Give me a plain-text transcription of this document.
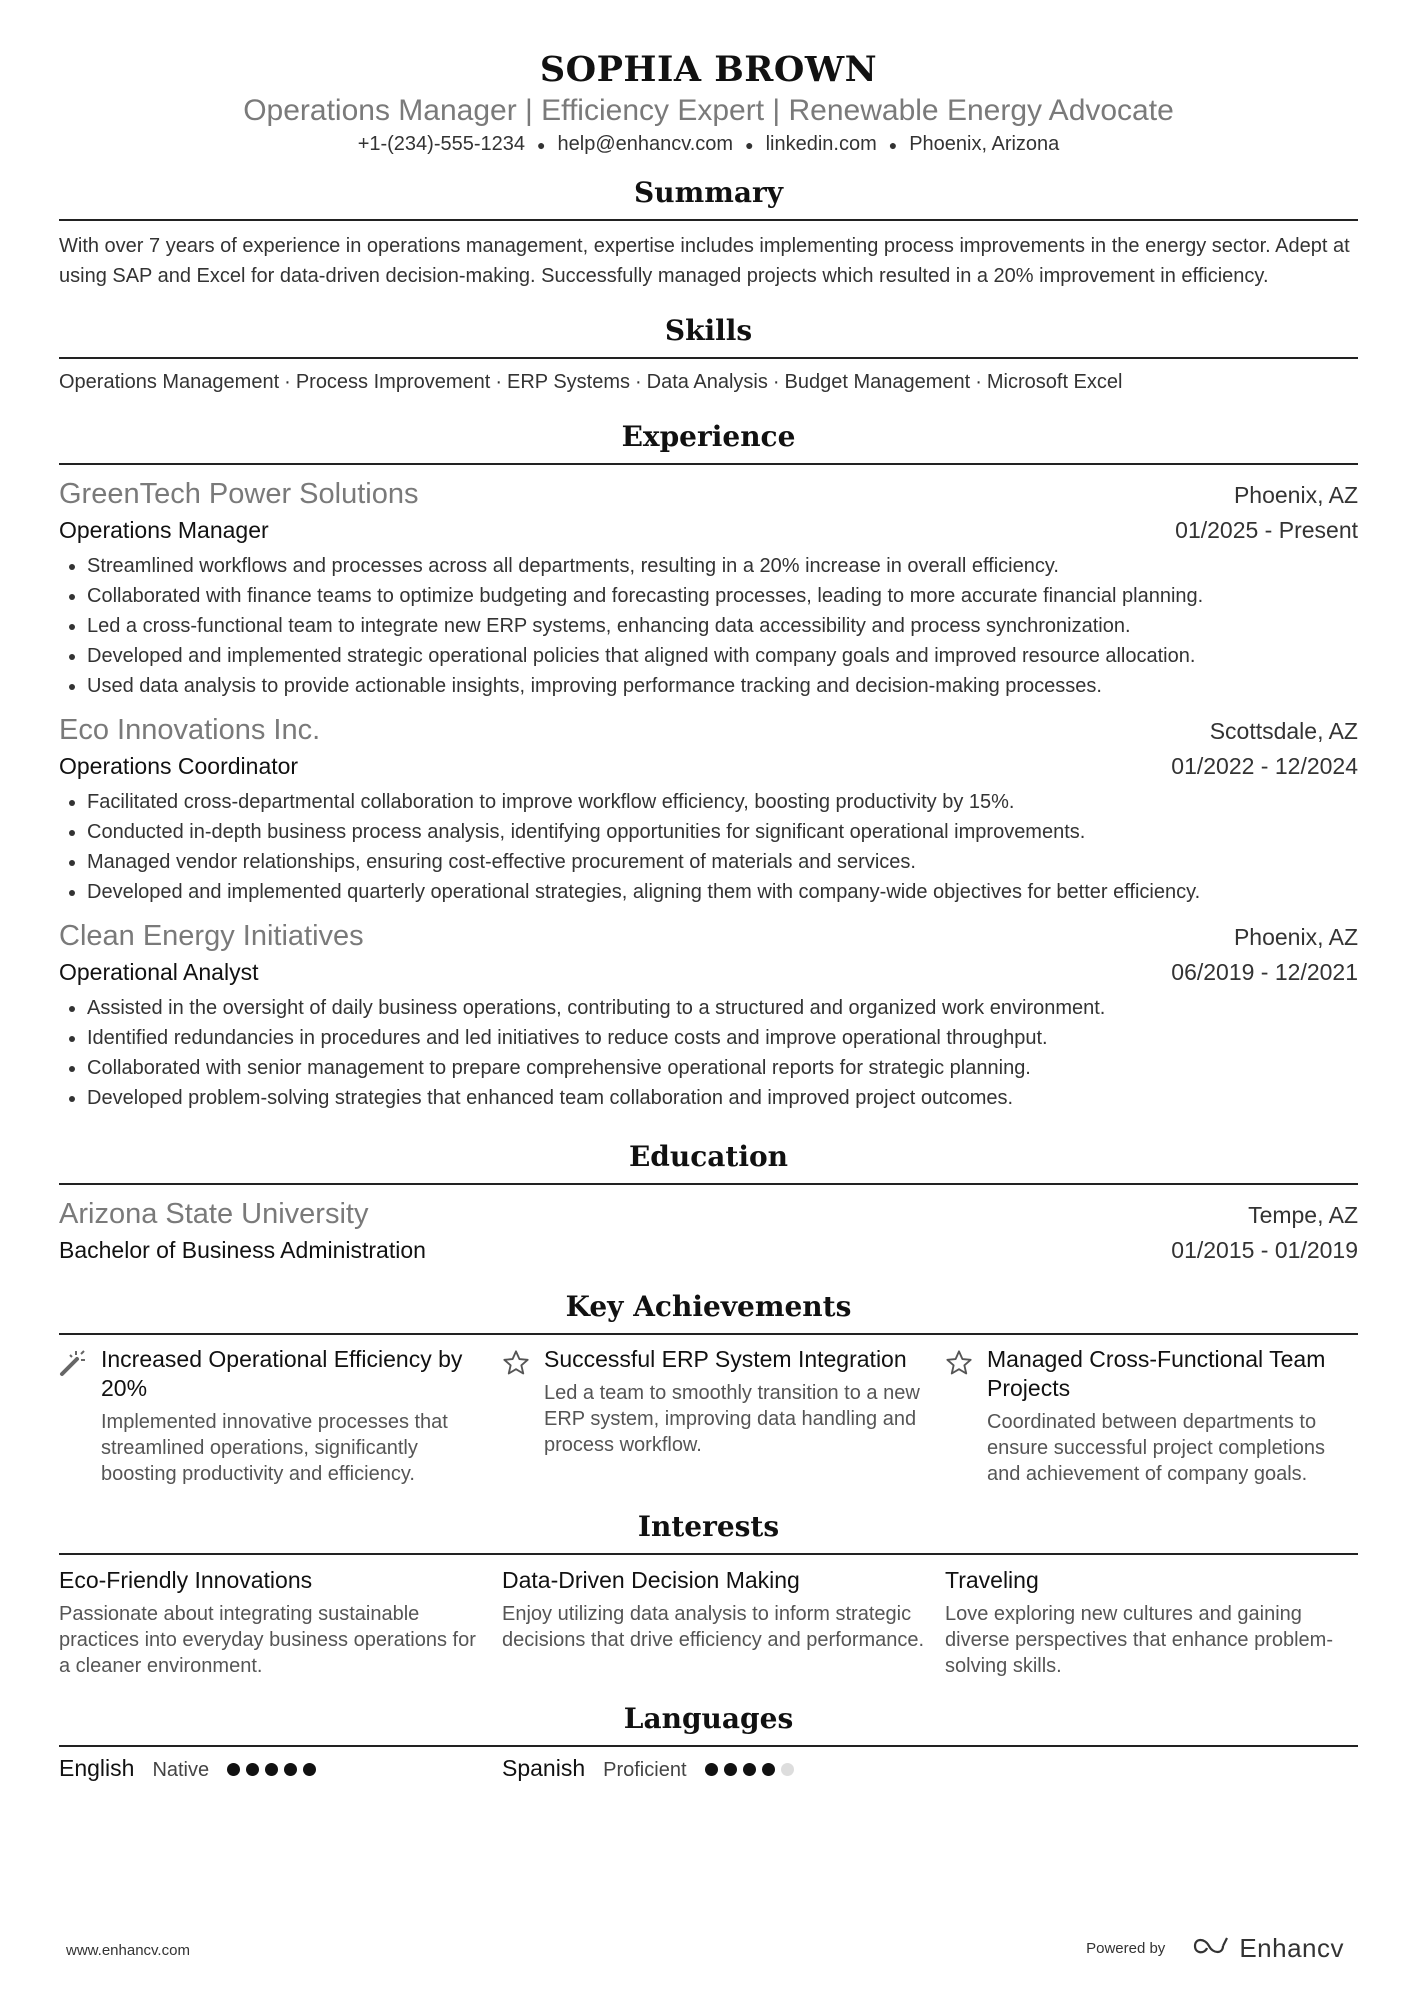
SOPHIA BROWN
Operations Manager | Efficiency Expert | Renewable Energy Advocate
+1-(234)-555-1234 ● help@enhancv.com ● linkedin.com ● Phoenix, Arizona
Summary
With over 7 years of experience in operations management, expertise includes implementing process improvements in the energy sector. Adept at using SAP and Excel for data-driven decision-making. Successfully managed projects which resulted in a 20% improvement in efficiency.
Skills
Operations Management · Process Improvement · ERP Systems · Data Analysis · Budget Management · Microsoft Excel
Experience
GreenTech Power Solutions	Phoenix, AZ
Operations Manager	01/2025 - Present
• Streamlined workflows and processes across all departments, resulting in a 20% increase in overall efficiency.
• Collaborated with finance teams to optimize budgeting and forecasting processes, leading to more accurate financial planning.
• Led a cross-functional team to integrate new ERP systems, enhancing data accessibility and process synchronization.
• Developed and implemented strategic operational policies that aligned with company goals and improved resource allocation.
• Used data analysis to provide actionable insights, improving performance tracking and decision-making processes.
Eco Innovations Inc.	Scottsdale, AZ
Operations Coordinator	01/2022 - 12/2024
• Facilitated cross-departmental collaboration to improve workflow efficiency, boosting productivity by 15%.
• Conducted in-depth business process analysis, identifying opportunities for significant operational improvements.
• Managed vendor relationships, ensuring cost-effective procurement of materials and services.
• Developed and implemented quarterly operational strategies, aligning them with company-wide objectives for better efficiency.
Clean Energy Initiatives	Phoenix, AZ
Operational Analyst	06/2019 - 12/2021
• Assisted in the oversight of daily business operations, contributing to a structured and organized work environment.
• Identified redundancies in procedures and led initiatives to reduce costs and improve operational throughput.
• Collaborated with senior management to prepare comprehensive operational reports for strategic planning.
• Developed problem-solving strategies that enhanced team collaboration and improved project outcomes.
Education
Arizona State University	Tempe, AZ
Bachelor of Business Administration	01/2015 - 01/2019
Key Achievements
Increased Operational Efficiency by 20%
Implemented innovative processes that streamlined operations, significantly boosting productivity and efficiency.
Successful ERP System Integration
Led a team to smoothly transition to a new ERP system, improving data handling and process workflow.
Managed Cross-Functional Team Projects
Coordinated between departments to ensure successful project completions and achievement of company goals.
Interests
Eco-Friendly Innovations
Passionate about integrating sustainable practices into everyday business operations for a cleaner environment.
Data-Driven Decision Making
Enjoy utilizing data analysis to inform strategic decisions that drive efficiency and performance.
Traveling
Love exploring new cultures and gaining diverse perspectives that enhance problem-solving skills.
Languages
English Native	Spanish Proficient
www.enhancv.com	Powered by	Enhancv
